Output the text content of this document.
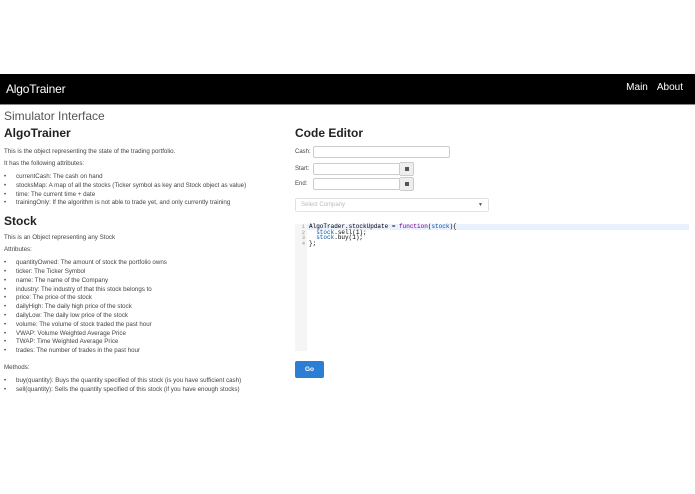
AlgoTrainer	Main About
Simulator Interface
AlgoTrainer

This is the object representing the state of the trading portfolio.

It has the following attributes:

• currentCash: The cash on hand
• stocksMap: A map of all the stocks (Ticker symbol as key and Stock object as value)
• time: The current time + date
• trainingOnly: If the algorithm is not able to trade yet, and only currently training
Stock

This is an Object representing any Stock

Attributes:

• quantityOwned: The amount of stock the portfolio owns
• ticker: The Ticker Symbol
• name: The name of the Company
• industry: The industry of that this stock belongs to
• price: The price of the stock
• dailyHigh: The daily high price of the stock
• dailyLow: The daily low price of the stock
• volume: The volume of stock traded the past hour
• VWAP: Volume Weighted Average Price
• TWAP: Time Weighted Average Price
• trades: The number of trades in the past hour

Methods:

• buy(quantity): Buys the quantity specified of this stock (is you have sufficient cash)
• sell(quantity): Sells the quantity specified of this stock (if you have enough stocks)
Code Editor
Cash:
Start:
End:
Select Company	▼
1
2
3
4
AlgoTrader.stockUpdate = function(stock){
stock.sell(1);
stock.buy(1);
};
Go
